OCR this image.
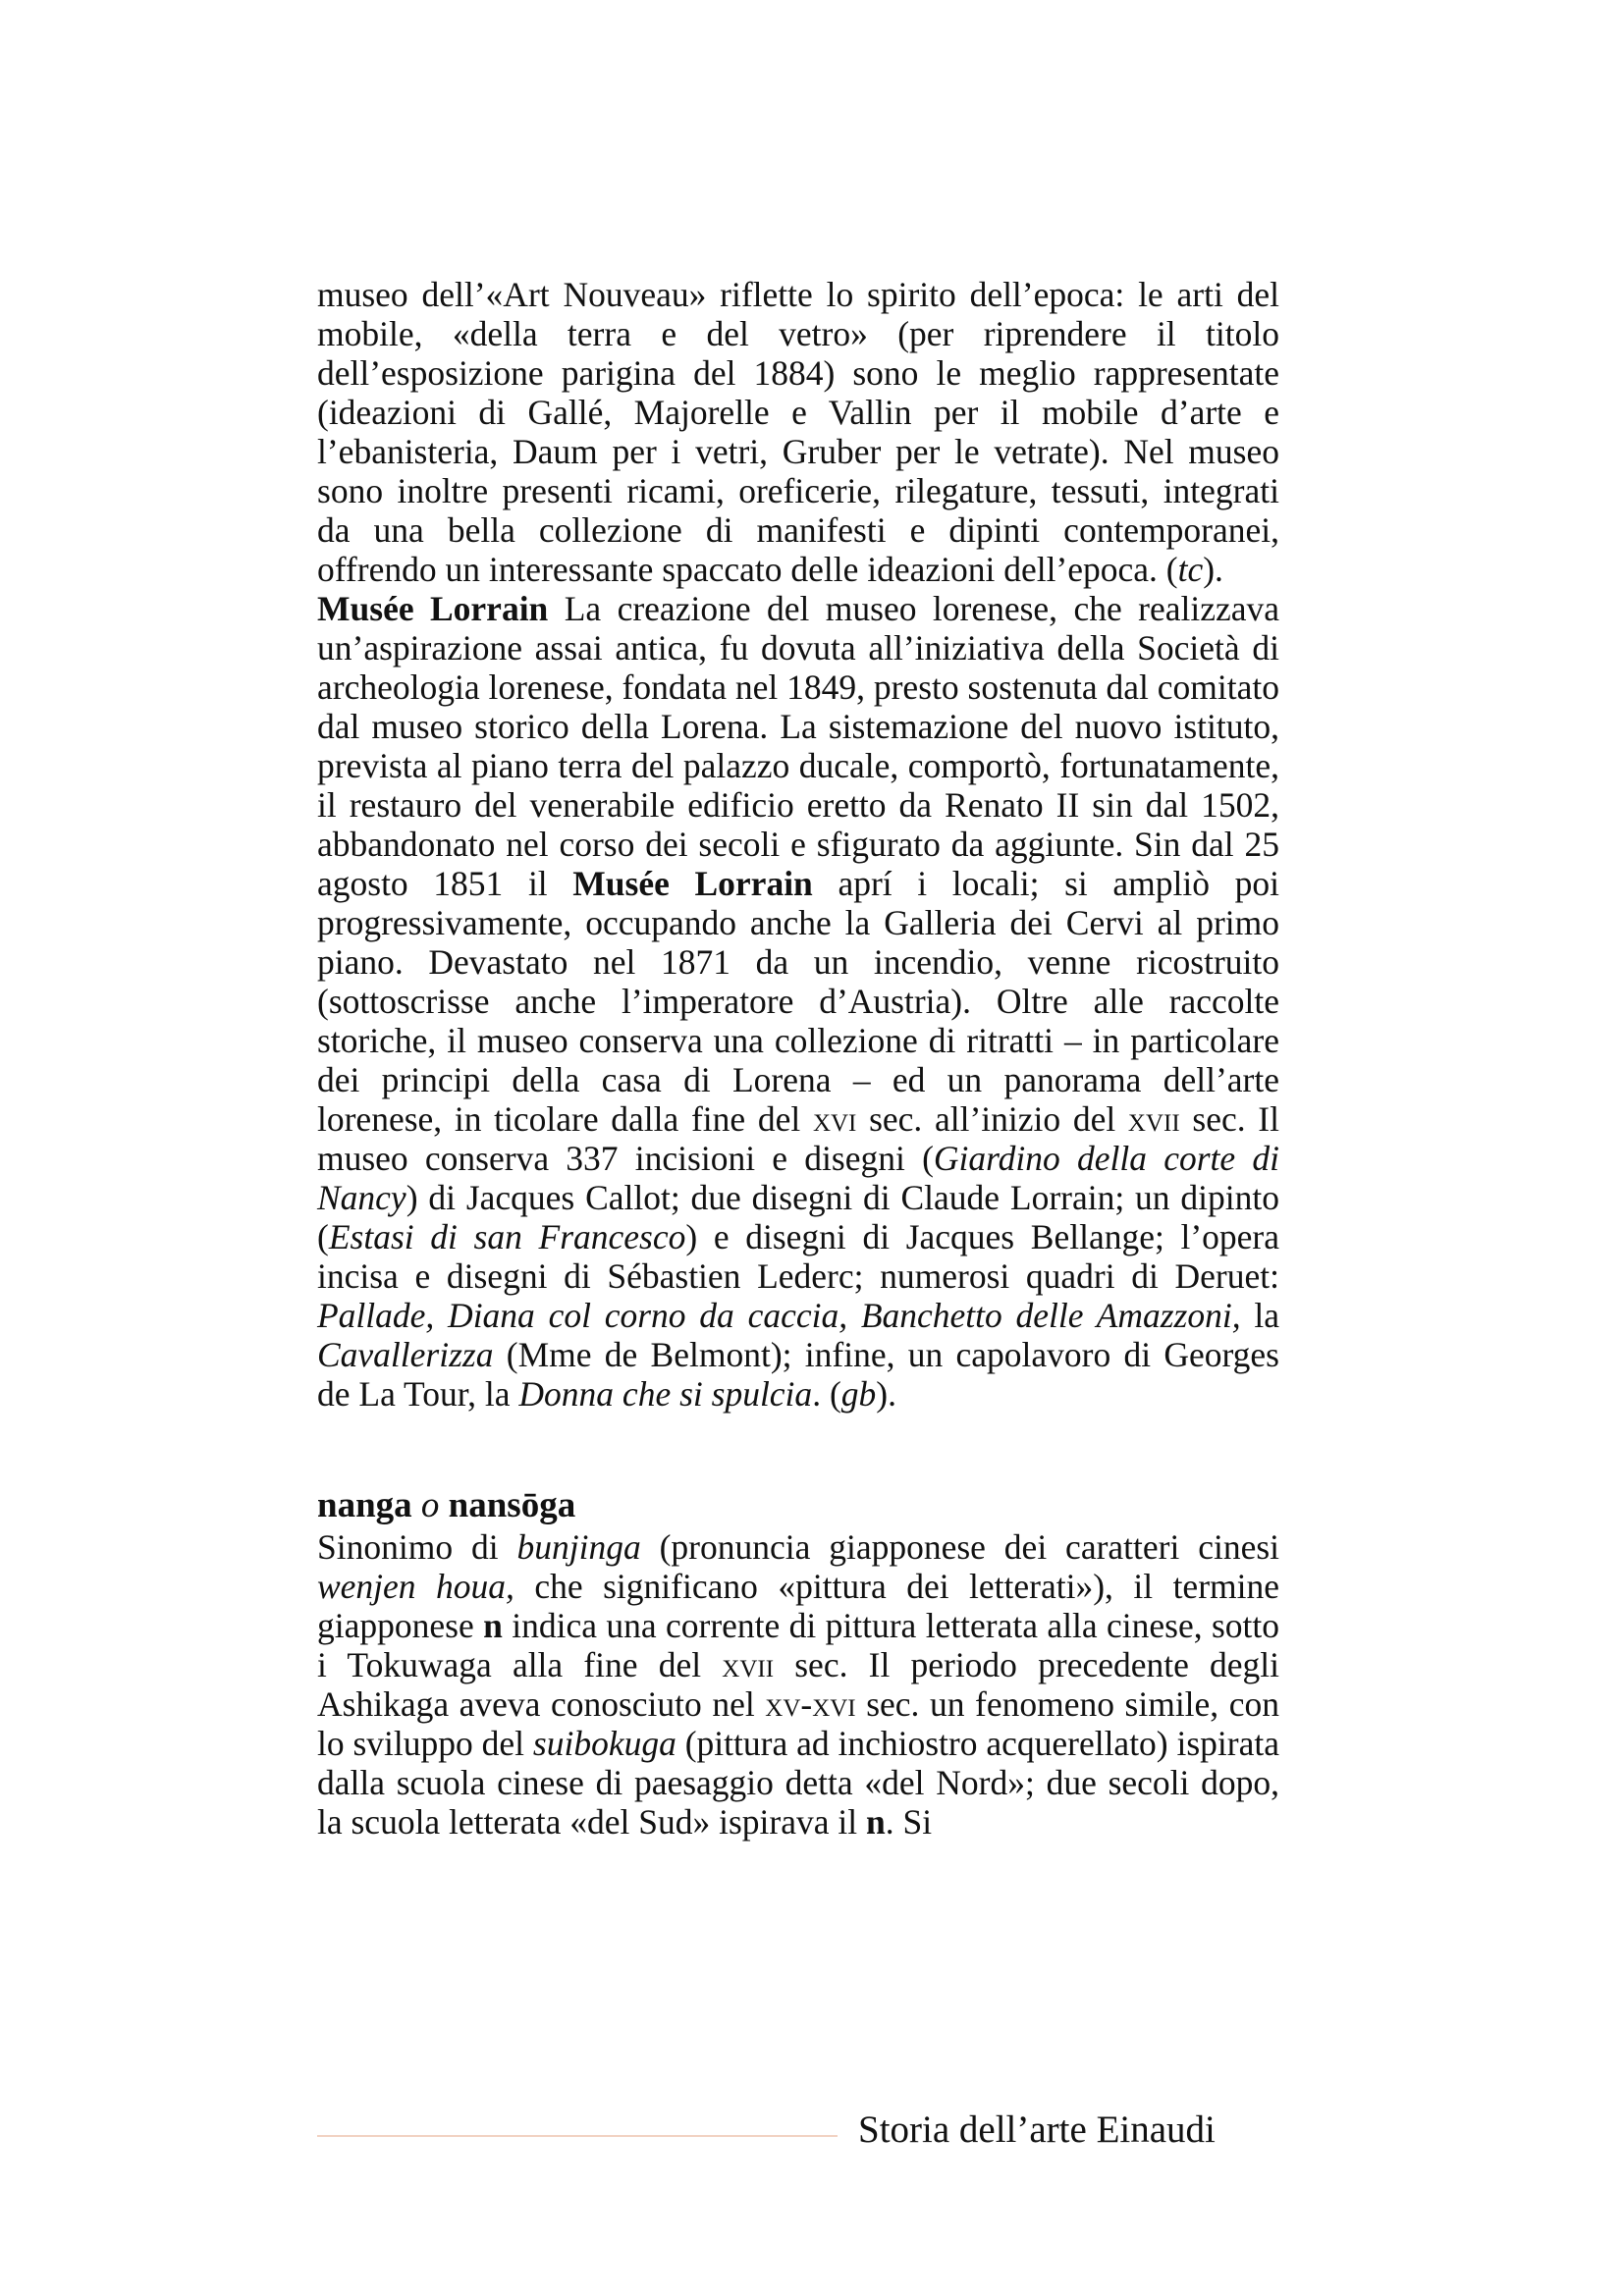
museo dell’«Art Nouveau» riflette lo spirito dell’epoca: le arti del mobile, «della terra e del vetro» (per riprendere il titolo dell’esposizione parigina del 1884) sono le meglio rappresentate (ideazioni di Gallé, Majorelle e Vallin per il mobile d’arte e l’ebanisteria, Daum per i vetri, Gruber per le vetrate). Nel museo sono inoltre presenti ricami, oreficerie, rilegature, tessuti, integrati da una bella collezione di manifesti e dipinti contemporanei, offrendo un interessante spaccato delle ideazioni dell’epoca. (tc).

Musée Lorrain La creazione del museo lorenese, che realizzava un’aspirazione assai antica, fu dovuta all’iniziativa della Società di archeologia lorenese, fondata nel 1849, presto sostenuta dal comitato dal museo storico della Lorena. La sistemazione del nuovo istituto, prevista al piano terra del palazzo ducale, comportò, fortunatamente, il restauro del venerabile edificio eretto da Renato II sin dal 1502, abbandonato nel corso dei secoli e sfigurato da aggiunte. Sin dal 25 agosto 1851 il Musée Lorrain aprí i locali; si ampliò poi progressivamente, occupando anche la Galleria dei Cervi al primo piano. Devastato nel 1871 da un incendio, venne ricostruito (sottoscrisse anche l’imperatore d’Austria). Oltre alle raccolte storiche, il museo conserva una collezione di ritratti – in particolare dei principi della casa di Lorena – ed un panorama dell’arte lorenese, in ticolare dalla fine del xvi sec. all’inizio del xvii sec. Il museo conserva 337 incisioni e disegni (Giardino della corte di Nancy) di Jacques Callot; due disegni di Claude Lorrain; un dipinto (Estasi di san Francesco) e disegni di Jacques Bellange; l’opera incisa e disegni di Sébastien Lederc; numerosi quadri di Deruet: Pallade, Diana col corno da caccia, Banchetto delle Amazzoni, la Cavallerizza (Mme de Belmont); infine, un capolavoro di Georges de La Tour, la Donna che si spulcia. (gb).

nanga o nansōga

Sinonimo di bunjinga (pronuncia giapponese dei caratteri cinesi wenjen houa, che significano «pittura dei letterati»), il termine giapponese n indica una corrente di pittura letterata alla cinese, sotto i Tokuwaga alla fine del xvii sec. Il periodo precedente degli Ashikaga aveva conosciuto nel xv-xvi sec. un fenomeno simile, con lo sviluppo del suibokuga (pittura ad inchiostro acquerellato) ispirata dalla scuola cinese di paesaggio detta «del Nord»; due secoli dopo, la scuola letterata «del Sud» ispirava il n. Si

Storia dell’arte Einaudi
